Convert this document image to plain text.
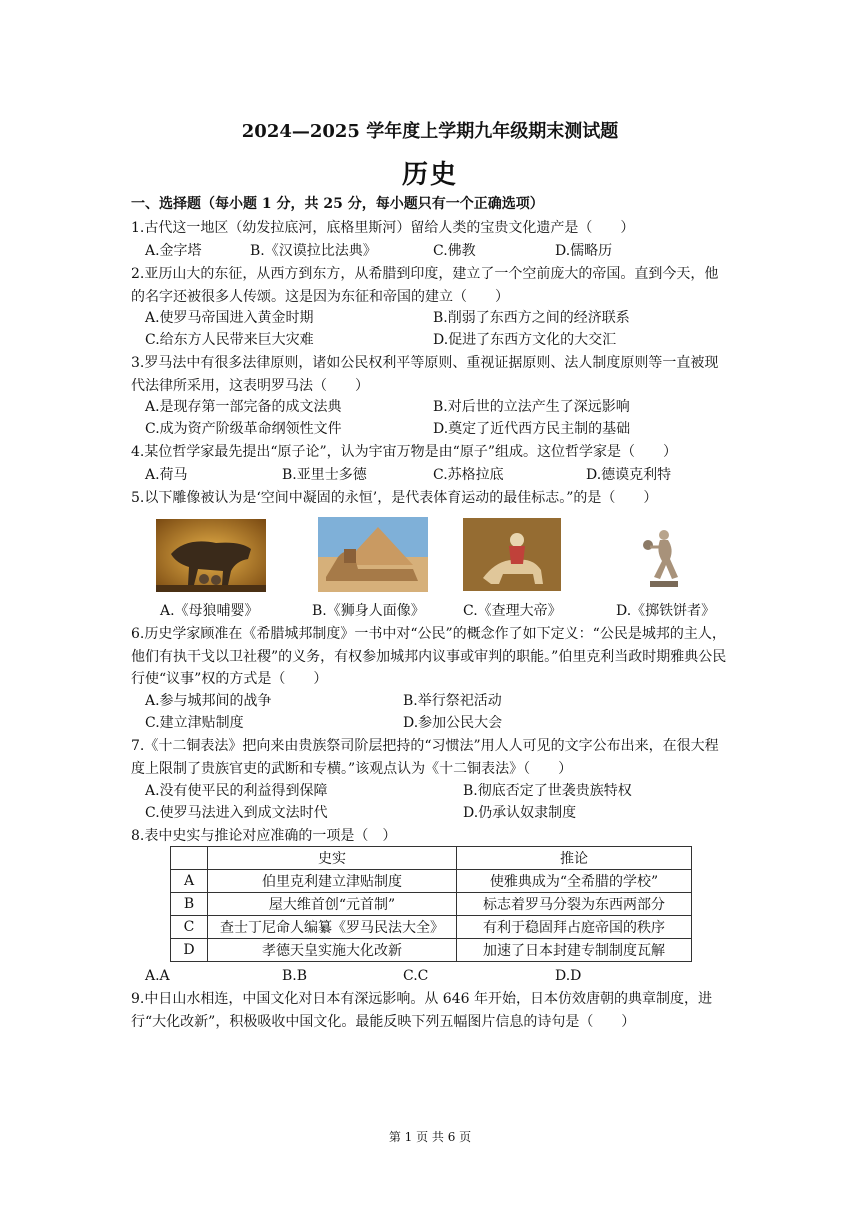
2024—2025 学年度上学期九年级期末测试题
历史
一、选择题（每小题 1 分，共 25 分，每小题只有一个正确选项）
1.古代这一地区（幼发拉底河，底格里斯河）留给人类的宝贵文化遗产是（　　）
A.金字塔	B.《汉谟拉比法典》	C.佛教	D.儒略历
2.亚历山大的东征，从西方到东方，从希腊到印度，建立了一个空前庞大的帝国。直到今天，他的名字还被很多人传颂。这是因为东征和帝国的建立（　　）
A.使罗马帝国进入黄金时期	B.削弱了东西方之间的经济联系
C.给东方人民带来巨大灾难	D.促进了东西方文化的大交汇
3.罗马法中有很多法律原则，诸如公民权利平等原则、重视证据原则、法人制度原则等一直被现代法律所采用，这表明罗马法（　　）
A.是现存第一部完备的成文法典	B.对后世的立法产生了深远影响
C.成为资产阶级革命纲领性文件	D.奠定了近代西方民主制的基础
4.某位哲学家最先提出“原子论”，认为宇宙万物是由“原子”组成。这位哲学家是（　　）
A.荷马	B.亚里士多德	C.苏格拉底	D.德谟克利特
5.以下雕像被认为是‘空间中凝固的永恒’，是代表体育运动的最佳标志。”的是（　　）
A.《母狼哺婴》	B.《狮身人面像》	C.《查理大帝》	D.《掷铁饼者》
6.历史学家顾准在《希腊城邦制度》一书中对“公民”的概念作了如下定义：“公民是城邦的主人，他们有执干戈以卫社稷”的义务，有权参加城邦内议事或审判的职能。”伯里克利当政时期雅典公民行使“议事”权的方式是（　　）
A.参与城邦间的战争	B.举行祭祀活动
C.建立津贴制度	D.参加公民大会
7.《十二铜表法》把向来由贵族祭司阶层把持的“习惯法”用人人可见的文字公布出来，在很大程度上限制了贵族官吏的武断和专横。”该观点认为《十二铜表法》（　　）
A.没有使平民的利益得到保障	B.彻底否定了世袭贵族特权
C.使罗马法进入到成文法时代	D.仍承认奴隶制度
8.表中史实与推论对应准确的一项是（　）
	史实	推论
A	伯里克利建立津贴制度	使雅典成为“全希腊的学校”
B	屋大维首创“元首制”	标志着罗马分裂为东西两部分
C	查士丁尼命人编纂《罗马民法大全》	有利于稳固拜占庭帝国的秩序
D	孝德天皇实施大化改新	加速了日本封建专制制度瓦解
A.A	B.B	C.C	D.D
9.中日山水相连，中国文化对日本有深远影响。从 646 年开始，日本仿效唐朝的典章制度，进行“大化改新”，积极吸收中国文化。最能反映下列五幅图片信息的诗句是（　　）
第 1 页 共 6 页
